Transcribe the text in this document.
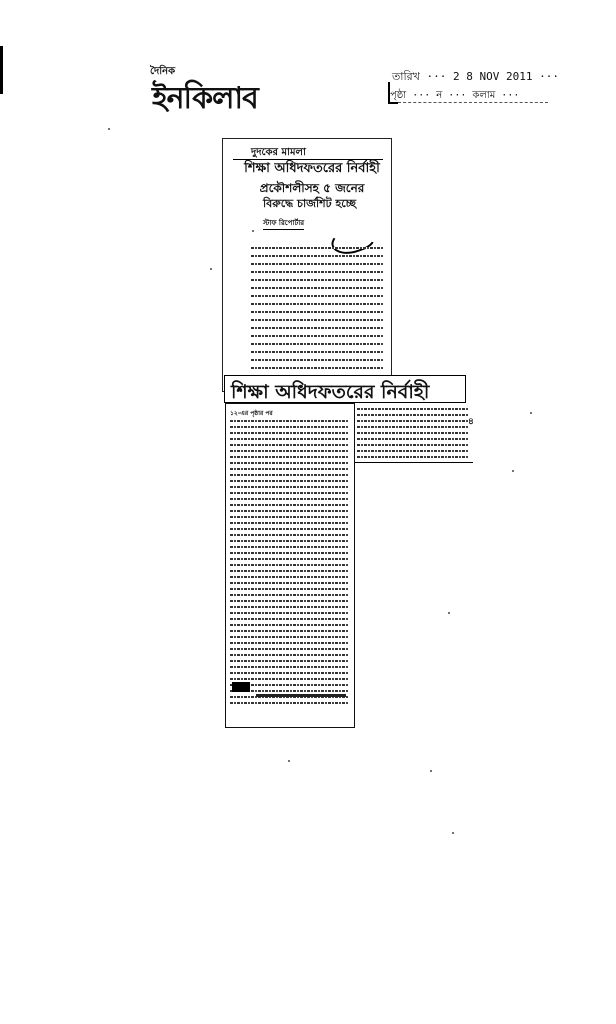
দৈনিক
ইনকিলাব
তারিখ ··· 2 8 NOV 2011 ···
পৃষ্ঠা ··· ন ··· কলাম ···
দুদকের মামলা
শিক্ষা অধিদফতরের নির্বাহী
প্রকৌশলীসহ ৫ জনের
বিরুদ্ধে চার্জশিট হচ্ছে
স্টাফ রিপোর্টার
শিক্ষা অধিদফতরের নির্বাহী
৪
১২-এর পৃষ্ঠার পর
